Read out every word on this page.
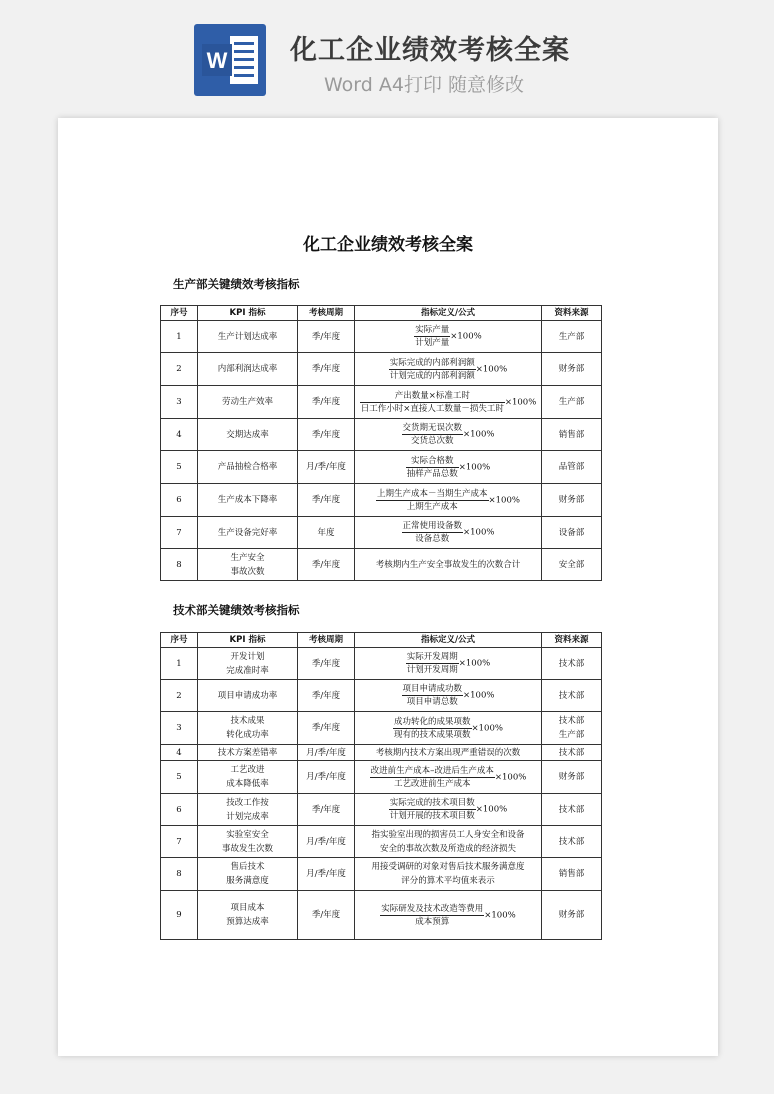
W 化工企业绩效考核全案
Word A4打印 随意修改
化工企业绩效考核全案
生产部关键绩效考核指标
序号	KPI 指标	考核周期	指标定义/公式	资料来源
1	生产计划达成率	季/年度	$\frac{\text{实际产量}}{\text{计划产量}} \times 100\%$	生产部
2	内部利润达成率	季/年度	$\frac{\text{实际完成的内部利润额}}{\text{计划完成的内部利润额}} \times 100\%$	财务部
3	劳动生产效率	季/年度	$\frac{\text{产出数量×标准工时}}{\text{日工作小时×直接人工数量－损失工时}} \times 100\%$	生产部
4	交期达成率	季/年度	$\frac{\text{交货期无误次数}}{\text{交货总次数}} \times 100\%$	销售部
5	产品抽检合格率	月/季/年度	$\frac{\text{实际合格数}}{\text{抽样产品总数}} \times 100\%$	品管部
6	生产成本下降率	季/年度	$\frac{\text{上期生产成本－当期生产成本}}{\text{上期生产成本}} \times 100\%$	财务部
7	生产设备完好率	年度	$\frac{\text{正常使用设备数}}{\text{设备总数}} \times 100\%$	设备部
8	生产安全
事故次数	季/年度	考核期内生产安全事故发生的次数合计	安全部
技术部关键绩效考核指标
序号	KPI 指标	考核周期	指标定义/公式	资料来源
1	开发计划
完成准时率	季/年度	$\frac{\text{实际开发周期}}{\text{计划开发周期}} \times 100\%$	技术部
2	项目申请成功率	季/年度	$\frac{\text{项目申请成功数}}{\text{项目申请总数}} \times 100\%$	技术部
3	技术成果
转化成功率	季/年度	$\frac{\text{成功转化的成果项数}}{\text{现有的技术成果项数}} \times 100\%$	技术部
生产部
4	技术方案差错率	月/季/年度	考核期内技术方案出现严重错误的次数	技术部
5	工艺改进
成本降低率	月/季/年度	$\frac{\text{改进前生产成本–改进后生产成本}}{\text{工艺改进前生产成本}} \times 100\%$	财务部
6	技改工作按
计划完成率	季/年度	$\frac{\text{实际完成的技术项目数}}{\text{计划开展的技术项目数}} \times 100\%$	技术部
7	实验室安全
事故发生次数	月/季/年度	指实验室出现的损害员工人身安全和设备
安全的事故次数及所造成的经济损失	技术部
8	售后技术
服务满意度	月/季/年度	用接受调研的对象对售后技术服务满意度
评分的算术平均值来表示	销售部
9	项目成本
预算达成率	季/年度	$\frac{\text{实际研发及技术改造等费用}}{\text{成本预算}} \times 100\%$	财务部
